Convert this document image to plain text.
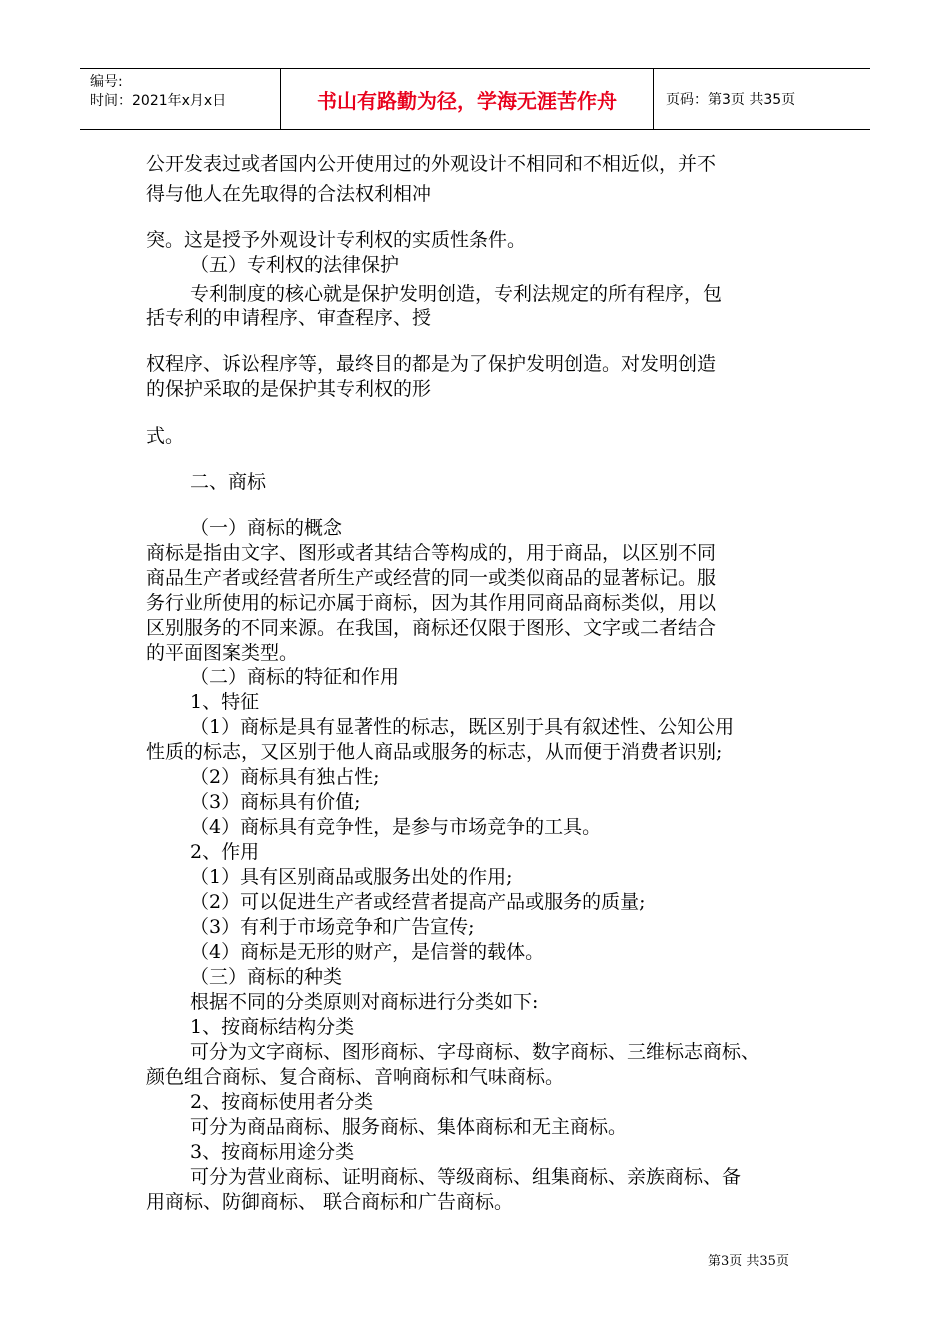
编号:
时间：2021年x月x日	书山有路勤为径，学海无涯苦作舟	页码：第3页 共35页
公开发表过或者国内公开使用过的外观设计不相同和不相近似，并不
得与他人在先取得的合法权利相冲
突。这是授予外观设计专利权的实质性条件。
（五）专利权的法律保护
专利制度的核心就是保护发明创造，专利法规定的所有程序，包
括专利的申请程序、审查程序、授
权程序、诉讼程序等，最终目的都是为了保护发明创造。对发明创造
的保护采取的是保护其专利权的形
式。
二、商标
（一）商标的概念
商标是指由文字、图形或者其结合等构成的，用于商品，以区别不同
商品生产者或经营者所生产或经营的同一或类似商品的显著标记。服
务行业所使用的标记亦属于商标，因为其作用同商品商标类似，用以
区别服务的不同来源。在我国，商标还仅限于图形、文字或二者结合
的平面图案类型。
（二）商标的特征和作用
1、特征
（1）商标是具有显著性的标志，既区别于具有叙述性、公知公用
性质的标志，又区别于他人商品或服务的标志，从而便于消费者识别;
（2）商标具有独占性;
（3）商标具有价值;
（4）商标具有竞争性，是参与市场竞争的工具。
2、作用
（1）具有区别商品或服务出处的作用;
（2）可以促进生产者或经营者提高产品或服务的质量;
（3）有利于市场竞争和广告宣传;
（4）商标是无形的财产，是信誉的载体。
（三）商标的种类
根据不同的分类原则对商标进行分类如下:
1、按商标结构分类
可分为文字商标、图形商标、字母商标、数字商标、三维标志商标、
颜色组合商标、复合商标、音响商标和气味商标。
2、按商标使用者分类
可分为商品商标、服务商标、集体商标和无主商标。
3、按商标用途分类
可分为营业商标、证明商标、等级商标、组集商标、亲族商标、备
用商标、防御商标、 联合商标和广告商标。
第3页 共35页
